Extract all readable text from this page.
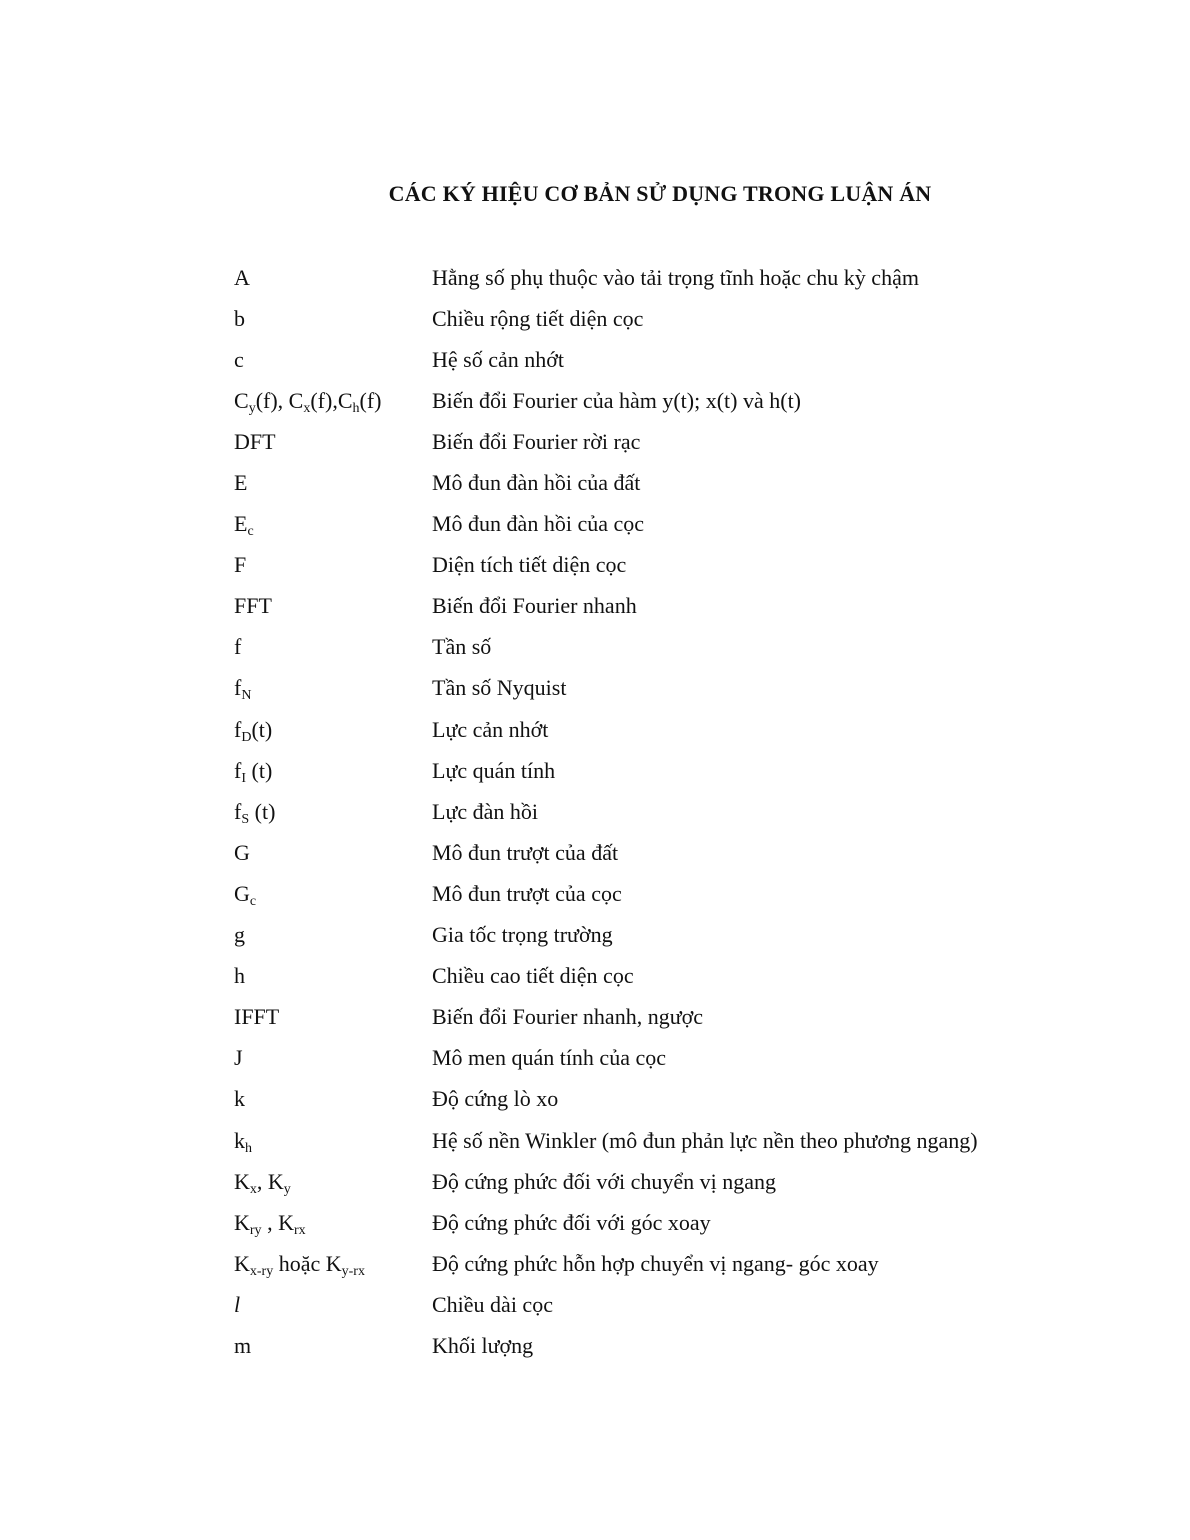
CÁC KÝ HIỆU CƠ BẢN SỬ DỤNG TRONG LUẬN ÁN
A	Hằng số phụ thuộc vào tải trọng tĩnh hoặc chu kỳ chậm
b	Chiều rộng tiết diện cọc
c	Hệ số cản nhớt
$C_y(f)$, $C_x(f),C_h(f)$	Biến đổi Fourier của hàm y(t); x(t) và h(t)
DFT	Biến đổi Fourier rời rạc
E	Mô đun đàn hồi của đất
$E_c$	Mô đun đàn hồi của cọc
F	Diện tích tiết diện cọc
FFT	Biến đổi Fourier nhanh
f	Tần số
$f_N$	Tần số Nyquist
$f_D(t)$	Lực cản nhớt
$f_I$ (t)	Lực quán tính
$f_S$ (t)	Lực đàn hồi
G	Mô đun trượt của đất
$G_c$	Mô đun trượt của cọc
g	Gia tốc trọng trường
h	Chiều cao tiết diện cọc
IFFT	Biến đổi Fourier nhanh, ngược
J	Mô men quán tính của cọc
k	Độ cứng lò xo
$k_h$	Hệ số nền Winkler (mô đun phản lực nền theo phương ngang)
$K_x$, $K_y$	Độ cứng phức đối với chuyển vị ngang
$K_{ry}$ , $K_{rx}$	Độ cứng phức đối với góc xoay
$K_{x-ry}$ hoặc $K_{y-rx}$	Độ cứng phức hỗn hợp chuyển vị ngang- góc xoay
l	Chiều dài cọc
m	Khối lượng
